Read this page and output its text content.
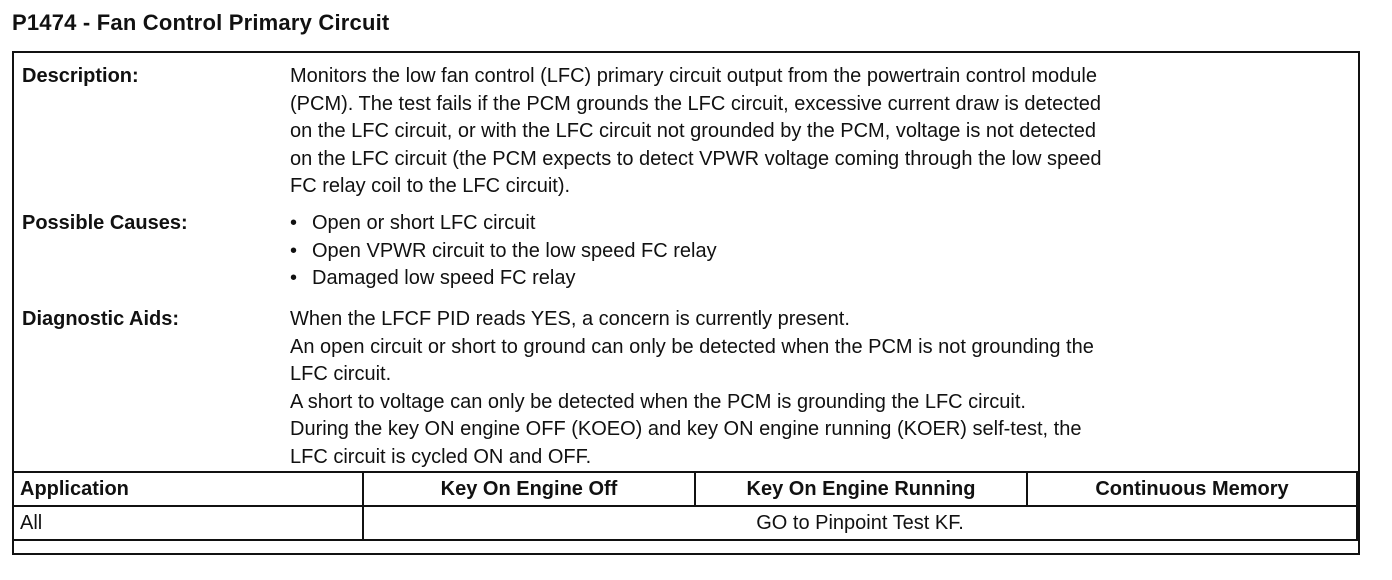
P1474 - Fan Control Primary Circuit
Description:	Monitors the low fan control (LFC) primary circuit output from the powertrain control module
(PCM). The test fails if the PCM grounds the LFC circuit, excessive current draw is detected
on the LFC circuit, or with the LFC circuit not grounded by the PCM, voltage is not detected
on the LFC circuit (the PCM expects to detect VPWR voltage coming through the low speed
FC relay coil to the LFC circuit).
Possible Causes:	• Open or short LFC circuit
• Open VPWR circuit to the low speed FC relay
• Damaged low speed FC relay
Diagnostic Aids:	When the LFCF PID reads YES, a concern is currently present.
An open circuit or short to ground can only be detected when the PCM is not grounding the
LFC circuit.
A short to voltage can only be detected when the PCM is grounding the LFC circuit.
During the key ON engine OFF (KOEO) and key ON engine running (KOER) self-test, the
LFC circuit is cycled ON and OFF.
Application	Key On Engine Off	Key On Engine Running	Continuous Memory
All	GO to Pinpoint Test KF.		
